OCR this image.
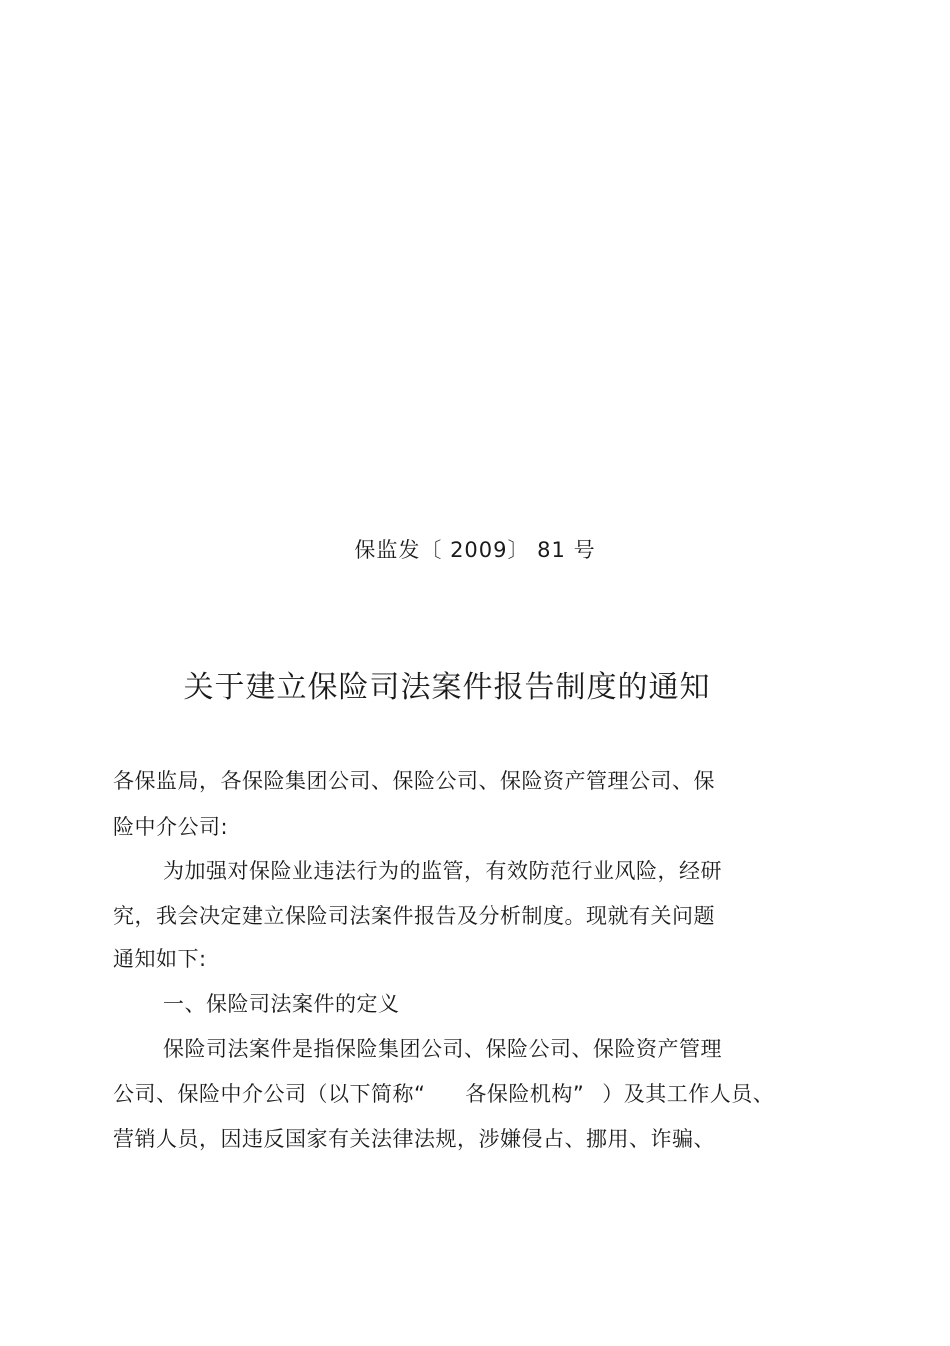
保监发〔 2009〕 81 号
关于建立保险司法案件报告制度的通知
各保监局，各保险集团公司、保险公司、保险资产管理公司、保
险中介公司:
为加强对保险业违法行为的监管，有效防范行业风险，经研
究，我会决定建立保险司法案件报告及分析制度。现就有关问题
通知如下:
一、保险司法案件的定义
保险司法案件是指保险集团公司、保险公司、保险资产管理
公司、保险中介公司（以下简称“ 各保险机构” ）及其工作人员、
营销人员，因违反国家有关法律法规，涉嫌侵占、挪用、诈骗、
